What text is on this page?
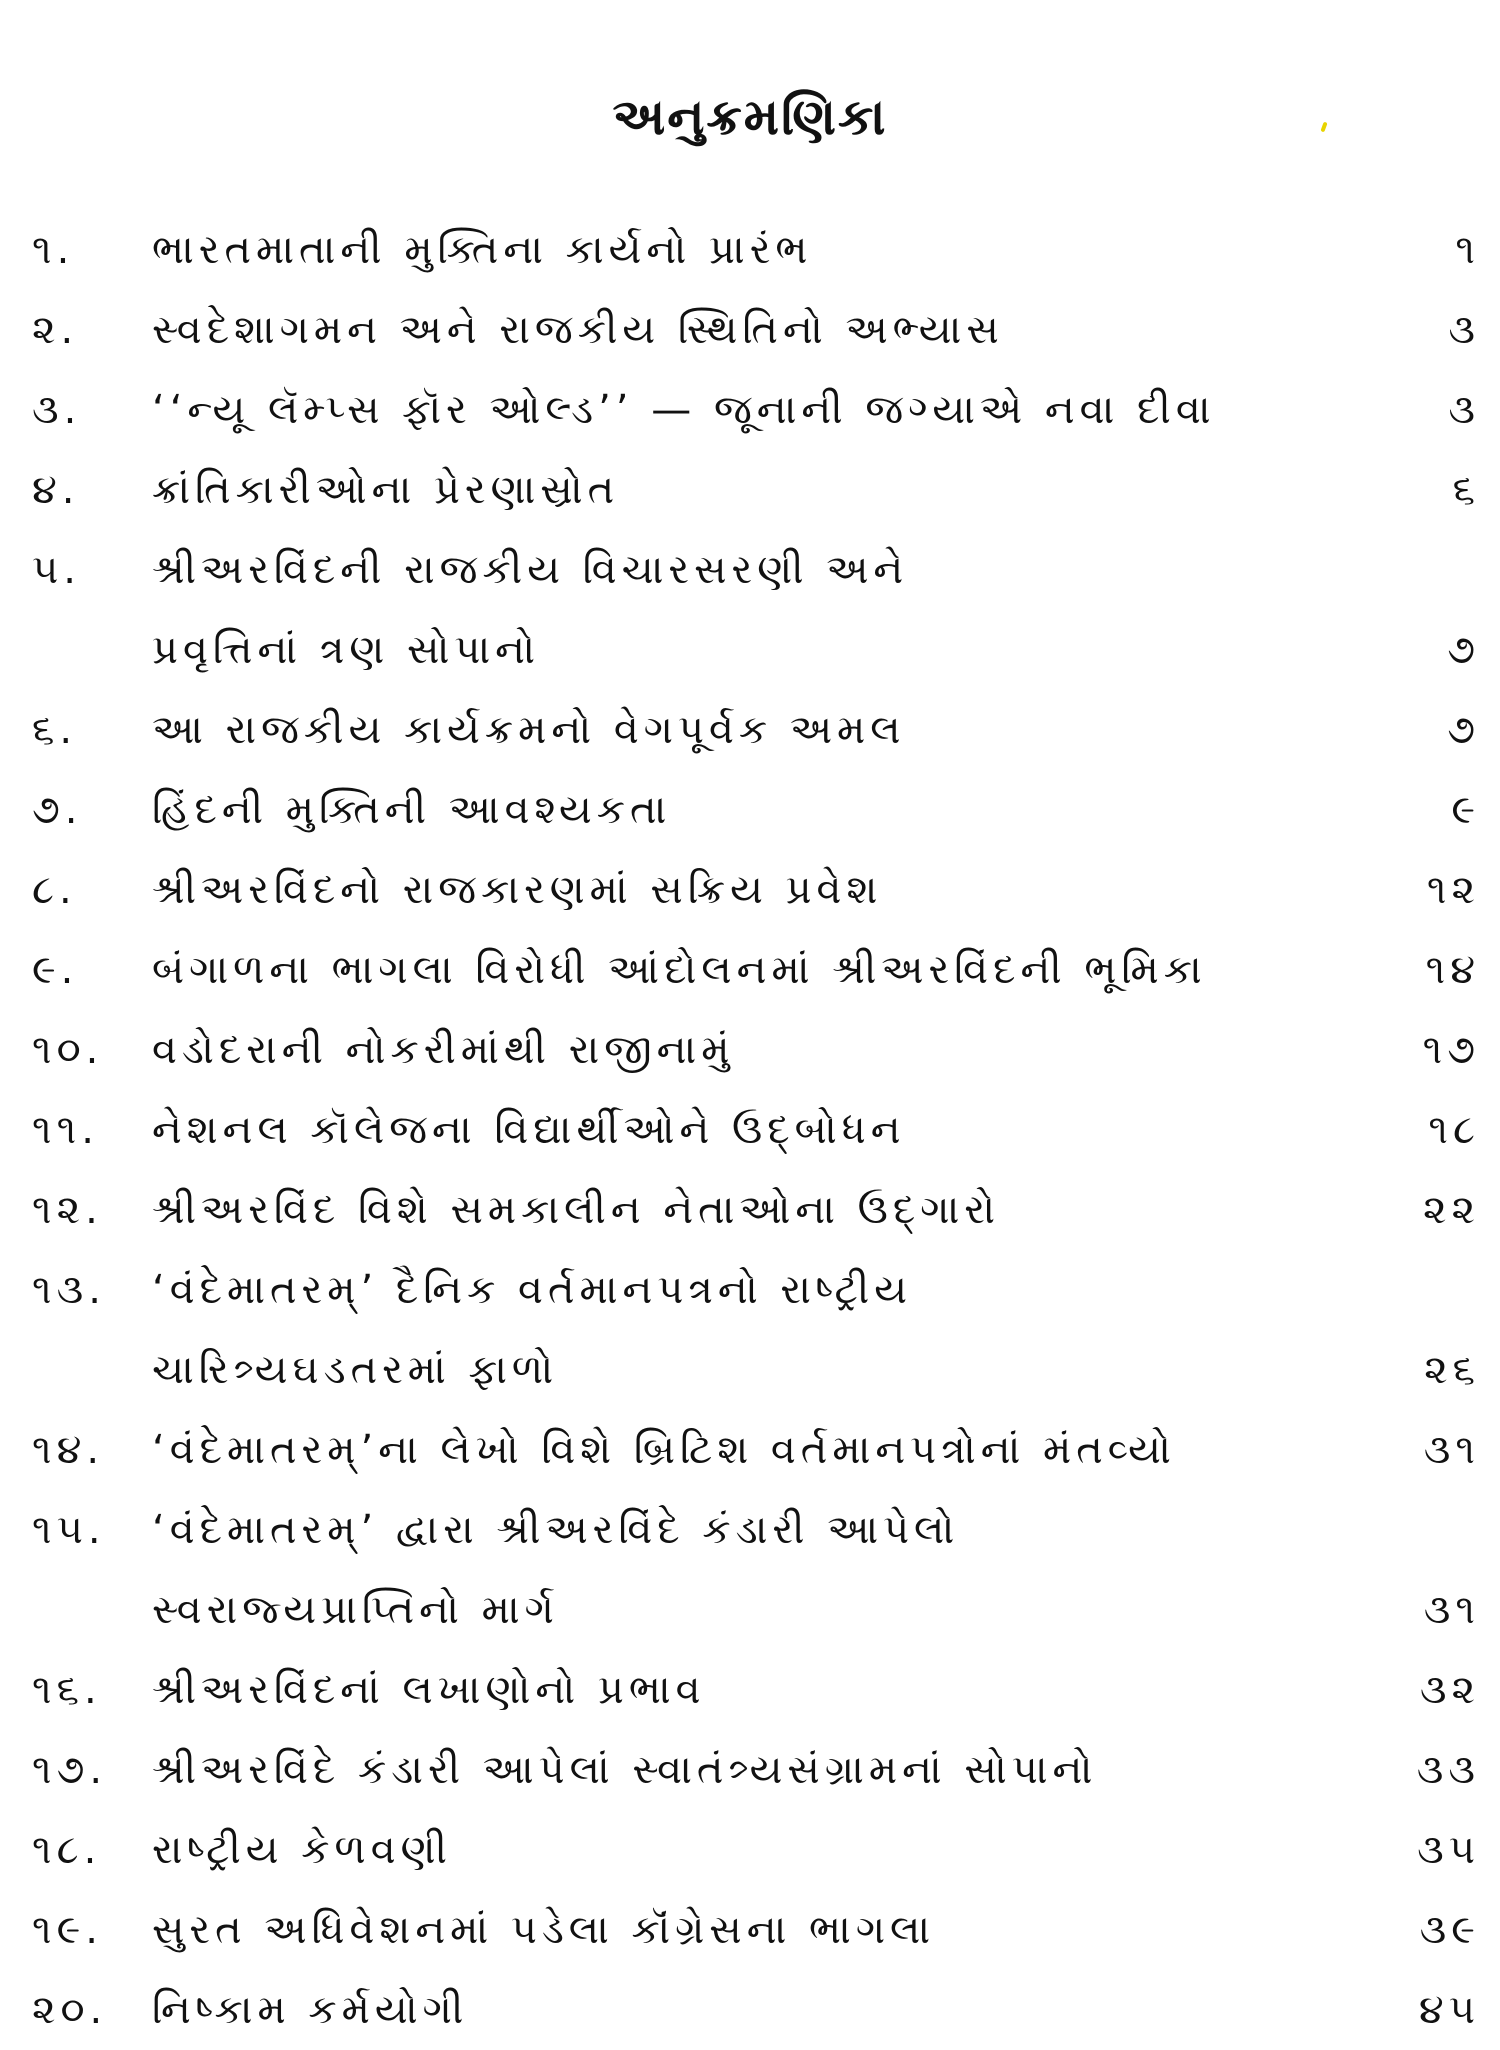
અનુક્રમણિકા
૧. ભારતમાતાની મુક્તિના કાર્યનો પ્રારંભ	૧
૨. સ્વદેશાગમન અને રાજકીય સ્થિતિનો અભ્યાસ	૩
૩. ‘‘ન્યૂ લૅમ્પ્સ ફૉર ઓલ્ડ’’ — જૂનાની જગ્યાએ નવા દીવા	૩
૪. ક્રાંતિકારીઓના પ્રેરણાસ્રોત	૬
૫. શ્રીઅરવિંદની રાજકીય વિચારસરણી અને
પ્રવૃત્તિનાં ત્રણ સોપાનો	૭
૬. આ રાજકીય કાર્યક્રમનો વેગપૂર્વક અમલ	૭
૭. હિંદની મુક્તિની આવશ્યકતા	૯
૮. શ્રીઅરવિંદનો રાજકારણમાં સક્રિય પ્રવેશ	૧૨
૯. બંગાળના ભાગલા વિરોધી આંદોલનમાં શ્રીઅરવિંદની ભૂમિકા	૧૪
૧૦. વડોદરાની નોકરીમાંથી રાજીનામું	૧૭
૧૧. નેશનલ કૉલેજના વિદ્યાર્થીઓને ઉદ્બોધન	૧૮
૧૨. શ્રીઅરવિંદ વિશે સમકાલીન નેતાઓના ઉદ્ગારો	૨૨
૧૩. ‘વંદેમાતરમ્’ દૈનિક વર્તમાનપત્રનો રાષ્ટ્રીય
ચારિત્ર્યઘડતરમાં ફાળો	૨૬
૧૪. ‘વંદેમાતરમ્’ના લેખો વિશે બ્રિટિશ વર્તમાનપત્રોનાં મંતવ્યો	૩૧
૧૫. ‘વંદેમાતરમ્’ દ્વારા શ્રીઅરવિંદે કંડારી આપેલો
સ્વરાજ્યપ્રાપ્તિનો માર્ગ	૩૧
૧૬. શ્રીઅરવિંદનાં લખાણોનો પ્રભાવ	૩૨
૧૭. શ્રીઅરવિંદે કંડારી આપેલાં સ્વાતંત્ર્યસંગ્રામનાં સોપાનો	૩૩
૧૮. રાષ્ટ્રીય કેળવણી	૩૫
૧૯. સુરત અધિવેશનમાં પડેલા કૉંગ્રેસના ભાગલા	૩૯
૨૦. નિષ્કામ કર્મયોગી	૪૫
